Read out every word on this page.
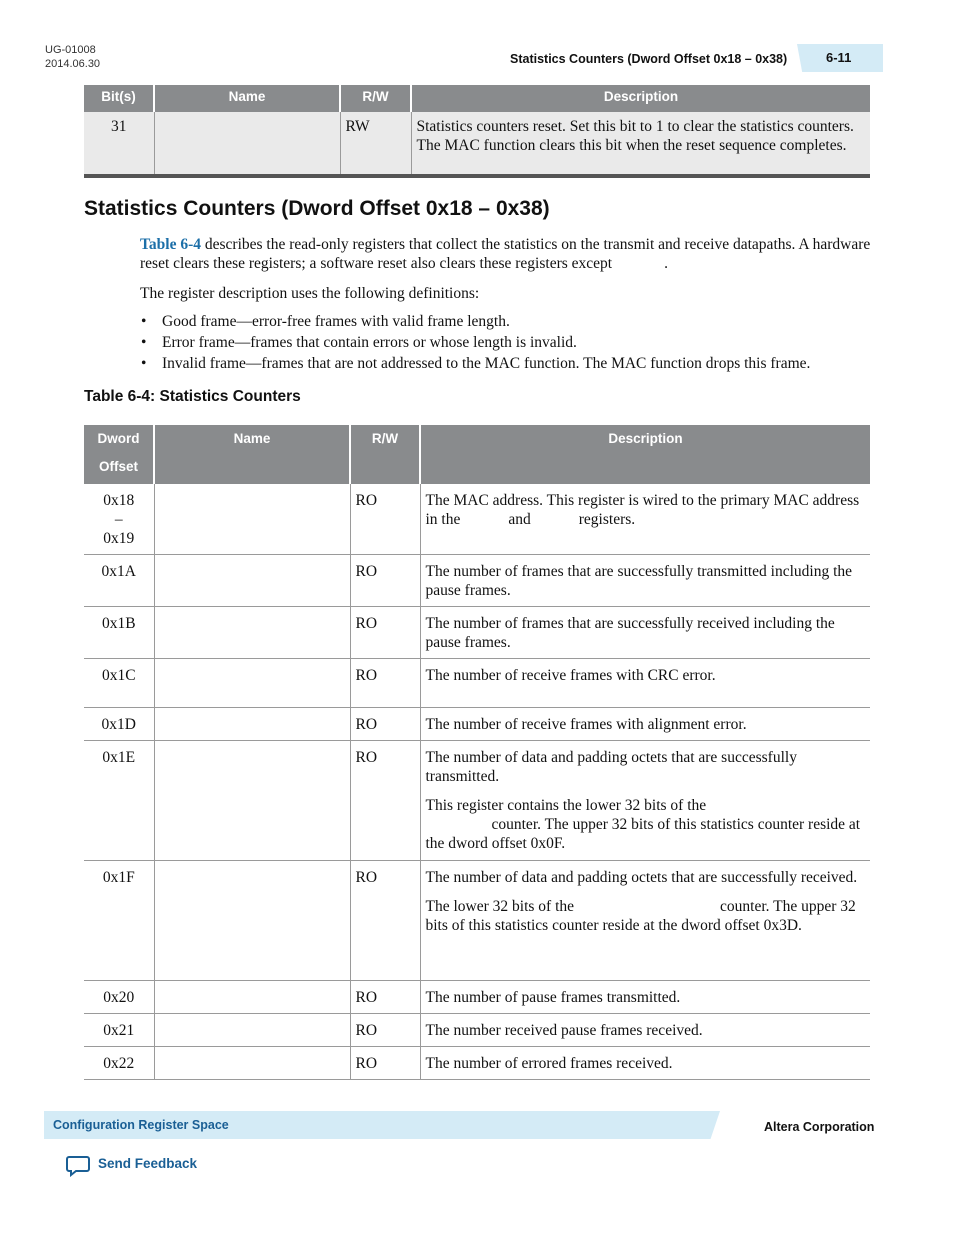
UG-01008
2014.06.30	Statistics Counters (Dword Offset 0x18 – 0x38)	6-11
Bit(s)	Name	R/W	Description
31		RW	Statistics counters reset. Set this bit to 1 to clear the statistics counters. The MAC function clears this bit when the reset sequence completes.
Statistics Counters (Dword Offset 0x18 – 0x38)
Table 6-4 describes the read-only registers that collect the statistics on the transmit and receive datapaths. A hardware reset clears these registers; a software reset also clears these registers except	.
The register description uses the following definitions:
• Good frame—error-free frames with valid frame length.
• Error frame—frames that contain errors or whose length is invalid.
• Invalid frame—frames that are not addressed to the MAC function. The MAC function drops this frame.
Table 6-4: Statistics Counters
Dword
Offset	Name	R/W	Description

0x18
–
0x19		RO	The MAC address. This register is wired to the primary MAC address in the and registers.
0x1A		RO	The number of frames that are successfully transmitted including the pause frames.
0x1B		RO	The number of frames that are successfully received including the pause frames.
0x1C		RO	The number of receive frames with CRC error.
0x1D		RO	The number of receive frames with alignment error.
0x1E		RO	The number of data and padding octets that are successfully transmitted.

This register contains the lower 32 bits of the counter. The upper 32 bits of this statistics counter reside at the dword offset 0x0F.

0x1F		RO	The number of data and padding octets that are successfully received.

The lower 32 bits of the counter. The upper 32 bits of this statistics counter reside at the dword offset 0x3D.

0x20		RO	The number of pause frames transmitted.
0x21		RO	The number received pause frames received.
0x22		RO	The number of errored frames received.
Configuration Register Space	Altera Corporation
Send Feedback
